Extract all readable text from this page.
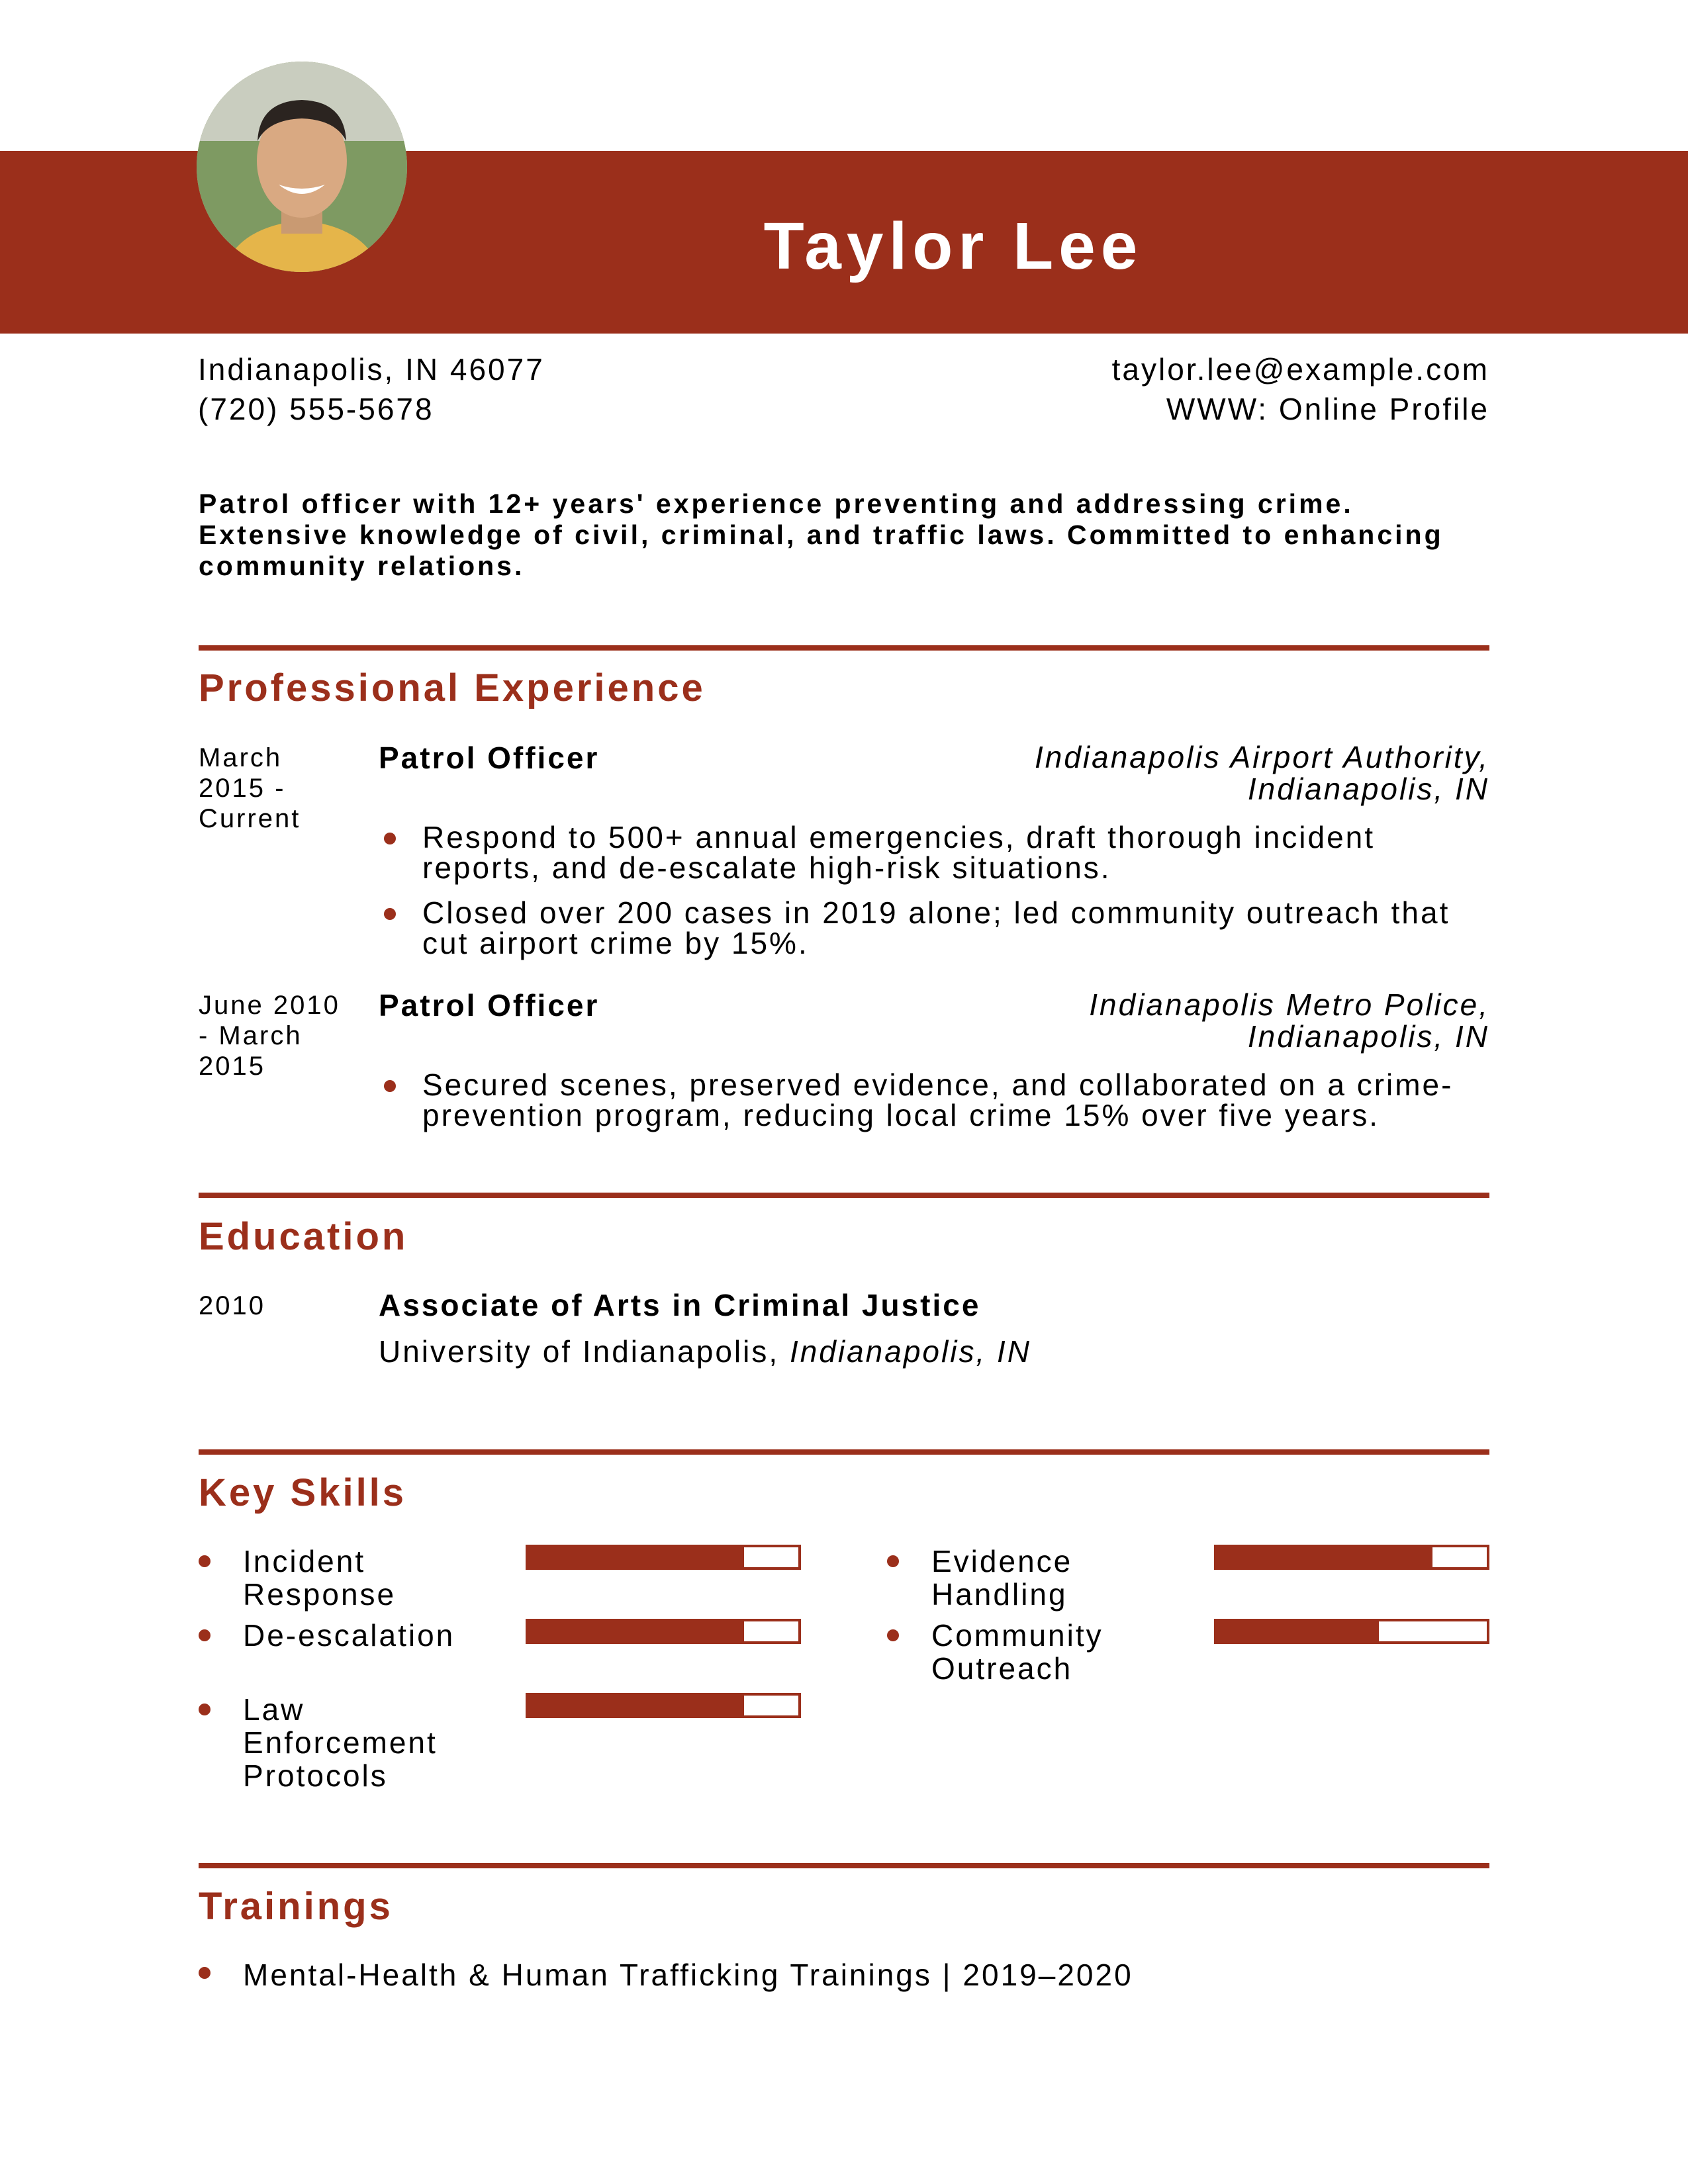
Taylor Lee
Indianapolis, IN 46077
(720) 555-5678
taylor.lee@example.com
WWW: Online Profile
Patrol officer with 12+ years' experience preventing and addressing crime. Extensive knowledge of civil, criminal, and traffic laws. Committed to enhancing community relations.
Professional Experience
March 2015 - Current
Patrol Officer	Indianapolis Airport Authority, Indianapolis, IN
Respond to 500+ annual emergencies, draft thorough incident reports, and de-escalate high-risk situations.
Closed over 200 cases in 2019 alone; led community outreach that cut airport crime by 15%.
June 2010 - March 2015
Patrol Officer	Indianapolis Metro Police, Indianapolis, IN
Secured scenes, preserved evidence, and collaborated on a crime-prevention program, reducing local crime 15% over five years.
Education
2010	Associate of Arts in Criminal Justice
University of Indianapolis, Indianapolis, IN
Key Skills
Incident Response
De-escalation
Law Enforcement Protocols
Evidence Handling
Community Outreach
Trainings
Mental-Health & Human Trafficking Trainings | 2019–2020
